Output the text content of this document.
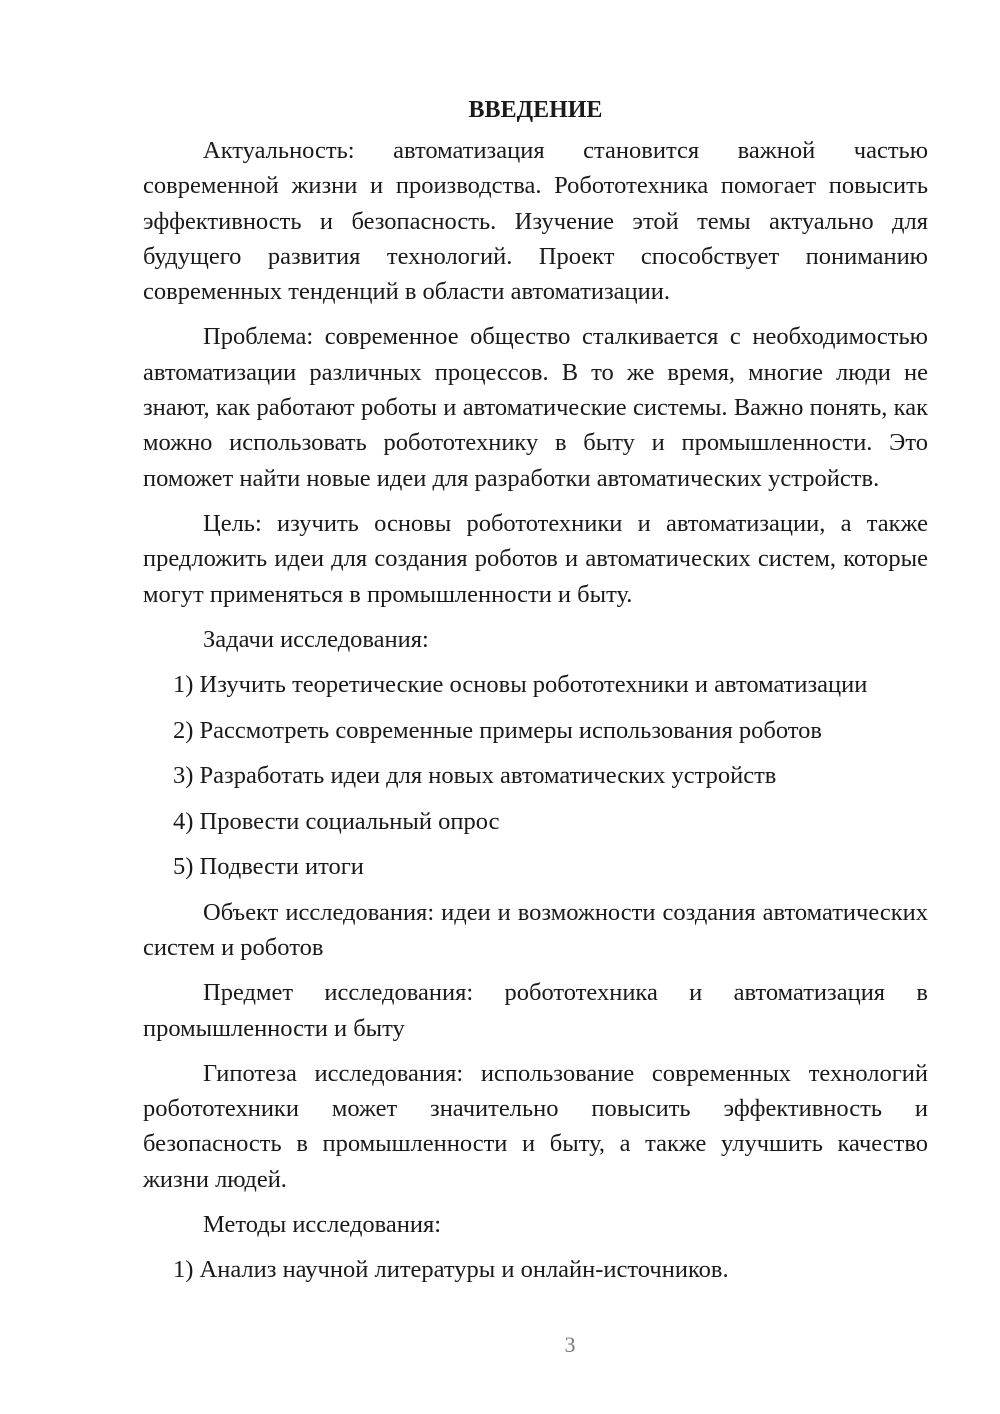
ВВЕДЕНИЕ

Актуальность: автоматизация становится важной частью современной жизни и производства. Робототехника помогает повысить эффективность и безопасность. Изучение этой темы актуально для будущего развития технологий. Проект способствует пониманию современных тенденций в области автоматизации.

Проблема: современное общество сталкивается с необходимостью автоматизации различных процессов. В то же время, многие люди не знают, как работают роботы и автоматические системы. Важно понять, как можно использовать робототехнику в быту и промышленности. Это поможет найти новые идеи для разработки автоматических устройств.

Цель: изучить основы робототехники и автоматизации, а также предложить идеи для создания роботов и автоматических систем, которые могут применяться в промышленности и быту.

Задачи исследования:

1) Изучить теоретические основы робототехники и автоматизации
2) Рассмотреть современные примеры использования роботов
3) Разработать идеи для новых автоматических устройств
4) Провести социальный опрос
5) Подвести итоги

Объект исследования: идеи и возможности создания автоматических систем и роботов

Предмет исследования: робототехника и автоматизация в промышленности и быту

Гипотеза исследования: использование современных технологий робототехники может значительно повысить эффективность и безопасность в промышленности и быту, а также улучшить качество жизни людей.

Методы исследования:

1) Анализ научной литературы и онлайн-источников.
3
